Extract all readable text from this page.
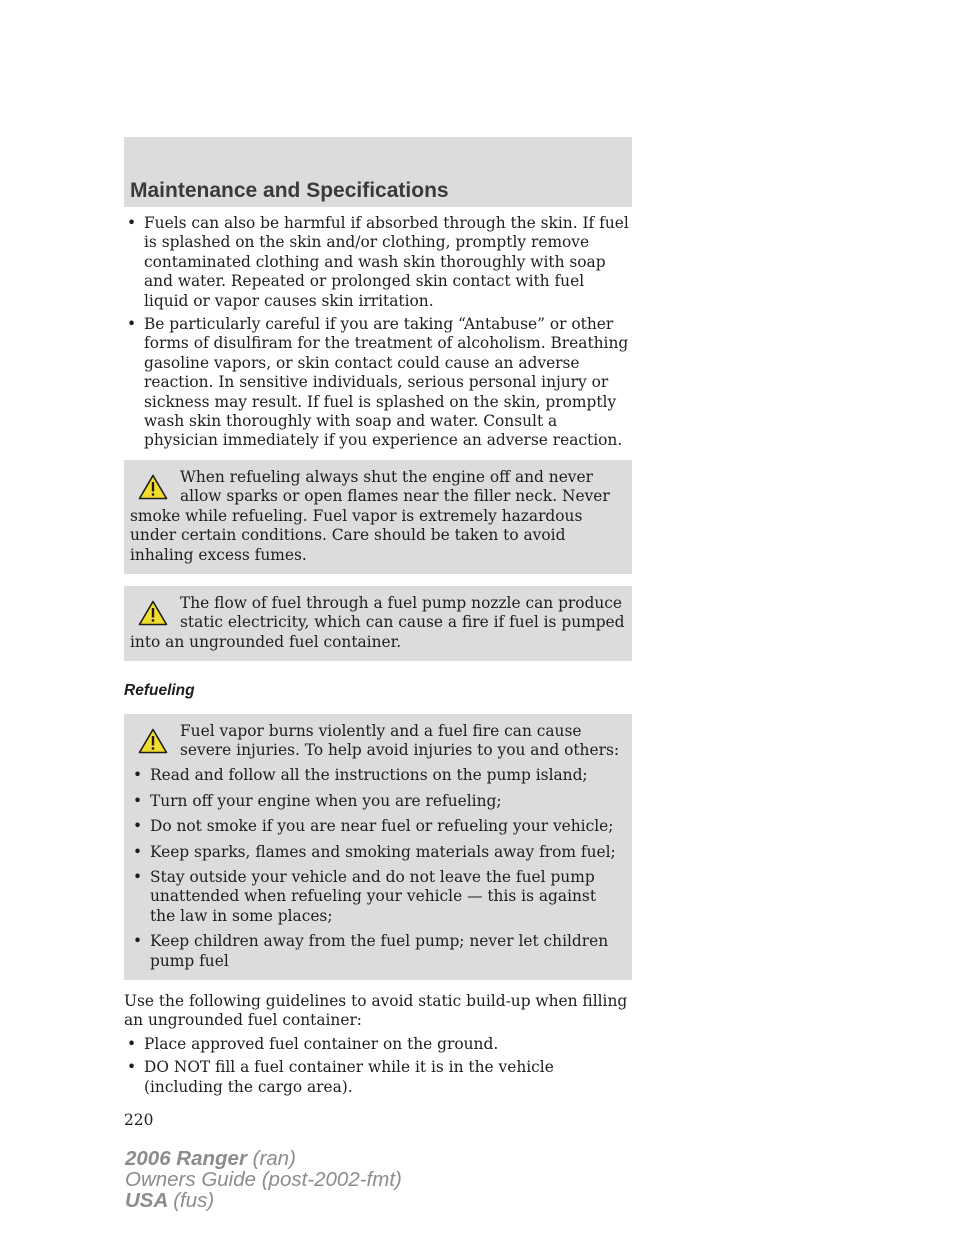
Maintenance and Specifications
• Fuels can also be harmful if absorbed through the skin. If fuel is splashed on the skin and/or clothing, promptly remove contaminated clothing and wash skin thoroughly with soap and water. Repeated or prolonged skin contact with fuel liquid or vapor causes skin irritation.
• Be particularly careful if you are taking “Antabuse” or other forms of disulfiram for the treatment of alcoholism. Breathing gasoline vapors, or skin contact could cause an adverse reaction. In sensitive individuals, serious personal injury or sickness may result. If fuel is splashed on the skin, promptly wash skin thoroughly with soap and water. Consult a physician immediately if you experience an adverse reaction.

When refueling always shut the engine off and never allow sparks or open flames near the filler neck. Never smoke while refueling. Fuel vapor is extremely hazardous under certain conditions. Care should be taken to avoid inhaling excess fumes.

The flow of fuel through a fuel pump nozzle can produce static electricity, which can cause a fire if fuel is pumped into an ungrounded fuel container.

Refueling

Fuel vapor burns violently and a fuel fire can cause severe injuries. To help avoid injuries to you and others:

• Read and follow all the instructions on the pump island;
• Turn off your engine when you are refueling;
• Do not smoke if you are near fuel or refueling your vehicle;
• Keep sparks, flames and smoking materials away from fuel;
• Stay outside your vehicle and do not leave the fuel pump unattended when refueling your vehicle — this is against the law in some places;
• Keep children away from the fuel pump; never let children pump fuel

Use the following guidelines to avoid static build-up when filling an ungrounded fuel container:

• Place approved fuel container on the ground.
• DO NOT fill a fuel container while it is in the vehicle (including the cargo area).
220
2006 Ranger (ran)
Owners Guide (post-2002-fmt)
USA (fus)
